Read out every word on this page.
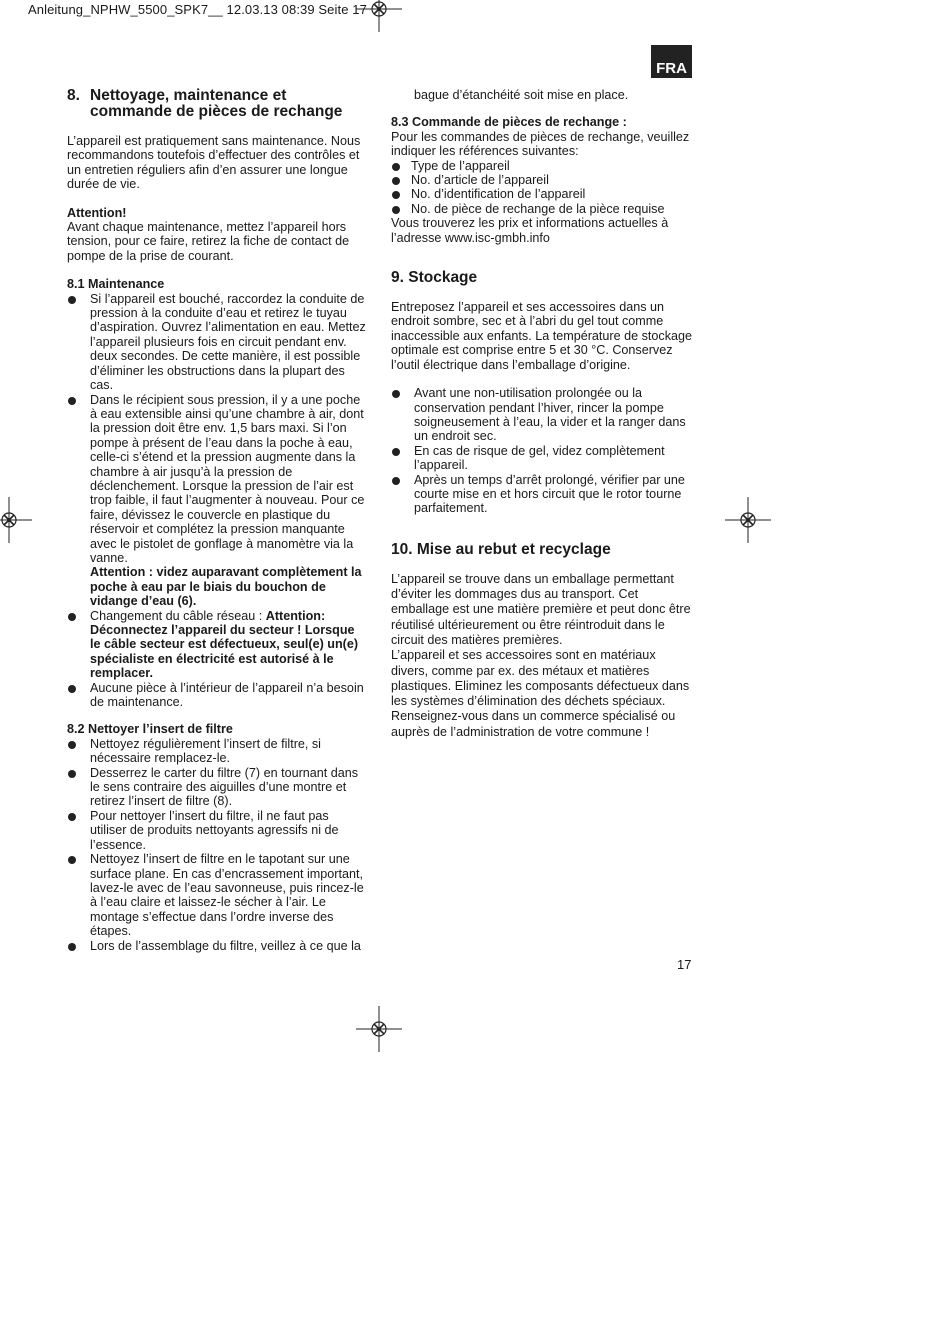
Anleitung_NPHW_5500_SPK7__ 12.03.13 08:39 Seite 17
FRA
8. Nettoyage, maintenance et commande de pièces de rechange

L’appareil est pratiquement sans maintenance. Nous recommandons toutefois d’effectuer des contrôles et un entretien réguliers afin d’en assurer une longue durée de vie.

Attention!

Avant chaque maintenance, mettez l’appareil hors tension, pour ce faire, retirez la fiche de contact de pompe de la prise de courant.

8.1 Maintenance

Si l’appareil est bouché, raccordez la conduite de pression à la conduite d’eau et retirez le tuyau d’aspiration. Ouvrez l’alimentation en eau. Mettez l’appareil plusieurs fois en circuit pendant env. deux secondes. De cette manière, il est possible d’éliminer les obstructions dans la plupart des cas.
Dans le récipient sous pression, il y a une poche à eau extensible ainsi qu’une chambre à air, dont la pression doit être env. 1,5 bars maxi. Si l’on pompe à présent de l’eau dans la poche à eau, celle-ci s’étend et la pression augmente dans la chambre à air jusqu’à la pression de déclenchement. Lorsque la pression de l’air est trop faible, il faut l’augmenter à nouveau. Pour ce faire, dévissez le couvercle en plastique du réservoir et complétez la pression manquante avec le pistolet de gonflage à manomètre via la vanne.
Attention : videz auparavant complètement la poche à eau par le biais du bouchon de vidange d’eau (6).
Changement du câble réseau : Attention: Déconnectez l’appareil du secteur ! Lorsque le câble secteur est défectueux, seul(e) un(e) spécialiste en électricité est autorisé à le remplacer.
Aucune pièce à l’intérieur de l’appareil n’a besoin de maintenance.

8.2 Nettoyer l’insert de filtre

Nettoyez régulièrement l’insert de filtre, si nécessaire remplacez-le.
Desserrez le carter du filtre (7) en tournant dans le sens contraire des aiguilles d’une montre et retirez l’insert de filtre (8).
Pour nettoyer l’insert du filtre, il ne faut pas utiliser de produits nettoyants agressifs ni de l’essence.
Nettoyez l’insert de filtre en le tapotant sur une surface plane. En cas d’encrassement important, lavez-le avec de l’eau savonneuse, puis rincez-le à l’eau claire et laissez-le sécher à l’air. Le montage s’effectue dans l’ordre inverse des étapes.
Lors de l’assemblage du filtre, veillez à ce que la

bague d’étanchéité soit mise en place.

8.3 Commande de pièces de rechange :

Pour les commandes de pièces de rechange, veuillez indiquer les références suivantes:

Type de l’appareil
No. d’article de l’appareil
No. d’identification de l’appareil
No. de pièce de rechange de la pièce requise

Vous trouverez les prix et informations actuelles à l’adresse www.isc-gmbh.info

9. Stockage

Entreposez l’appareil et ses accessoires dans un endroit sombre, sec et à l’abri du gel tout comme inaccessible aux enfants. La température de stockage optimale est comprise entre 5 et 30 °C. Conservez l’outil électrique dans l’emballage d’origine.

Avant une non-utilisation prolongée ou la conservation pendant l’hiver, rincer la pompe soigneusement à l’eau, la vider et la ranger dans un endroit sec.
En cas de risque de gel, videz complètement l’appareil.
Après un temps d’arrêt prolongé, vérifier par une courte mise en et hors circuit que le rotor tourne parfaitement.
10. Mise au rebut et recyclage

L’appareil se trouve dans un emballage permettant d’éviter les dommages dus au transport. Cet emballage est une matière première et peut donc être réutilisé ultérieurement ou être réintroduit dans le circuit des matières premières.

L’appareil et ses accessoires sont en matériaux divers, comme par ex. des métaux et matières plastiques. Eliminez les composants défectueux dans les systèmes d’élimination des déchets spéciaux. Renseignez-vous dans un commerce spécialisé ou auprès de l’administration de votre commune !

17
